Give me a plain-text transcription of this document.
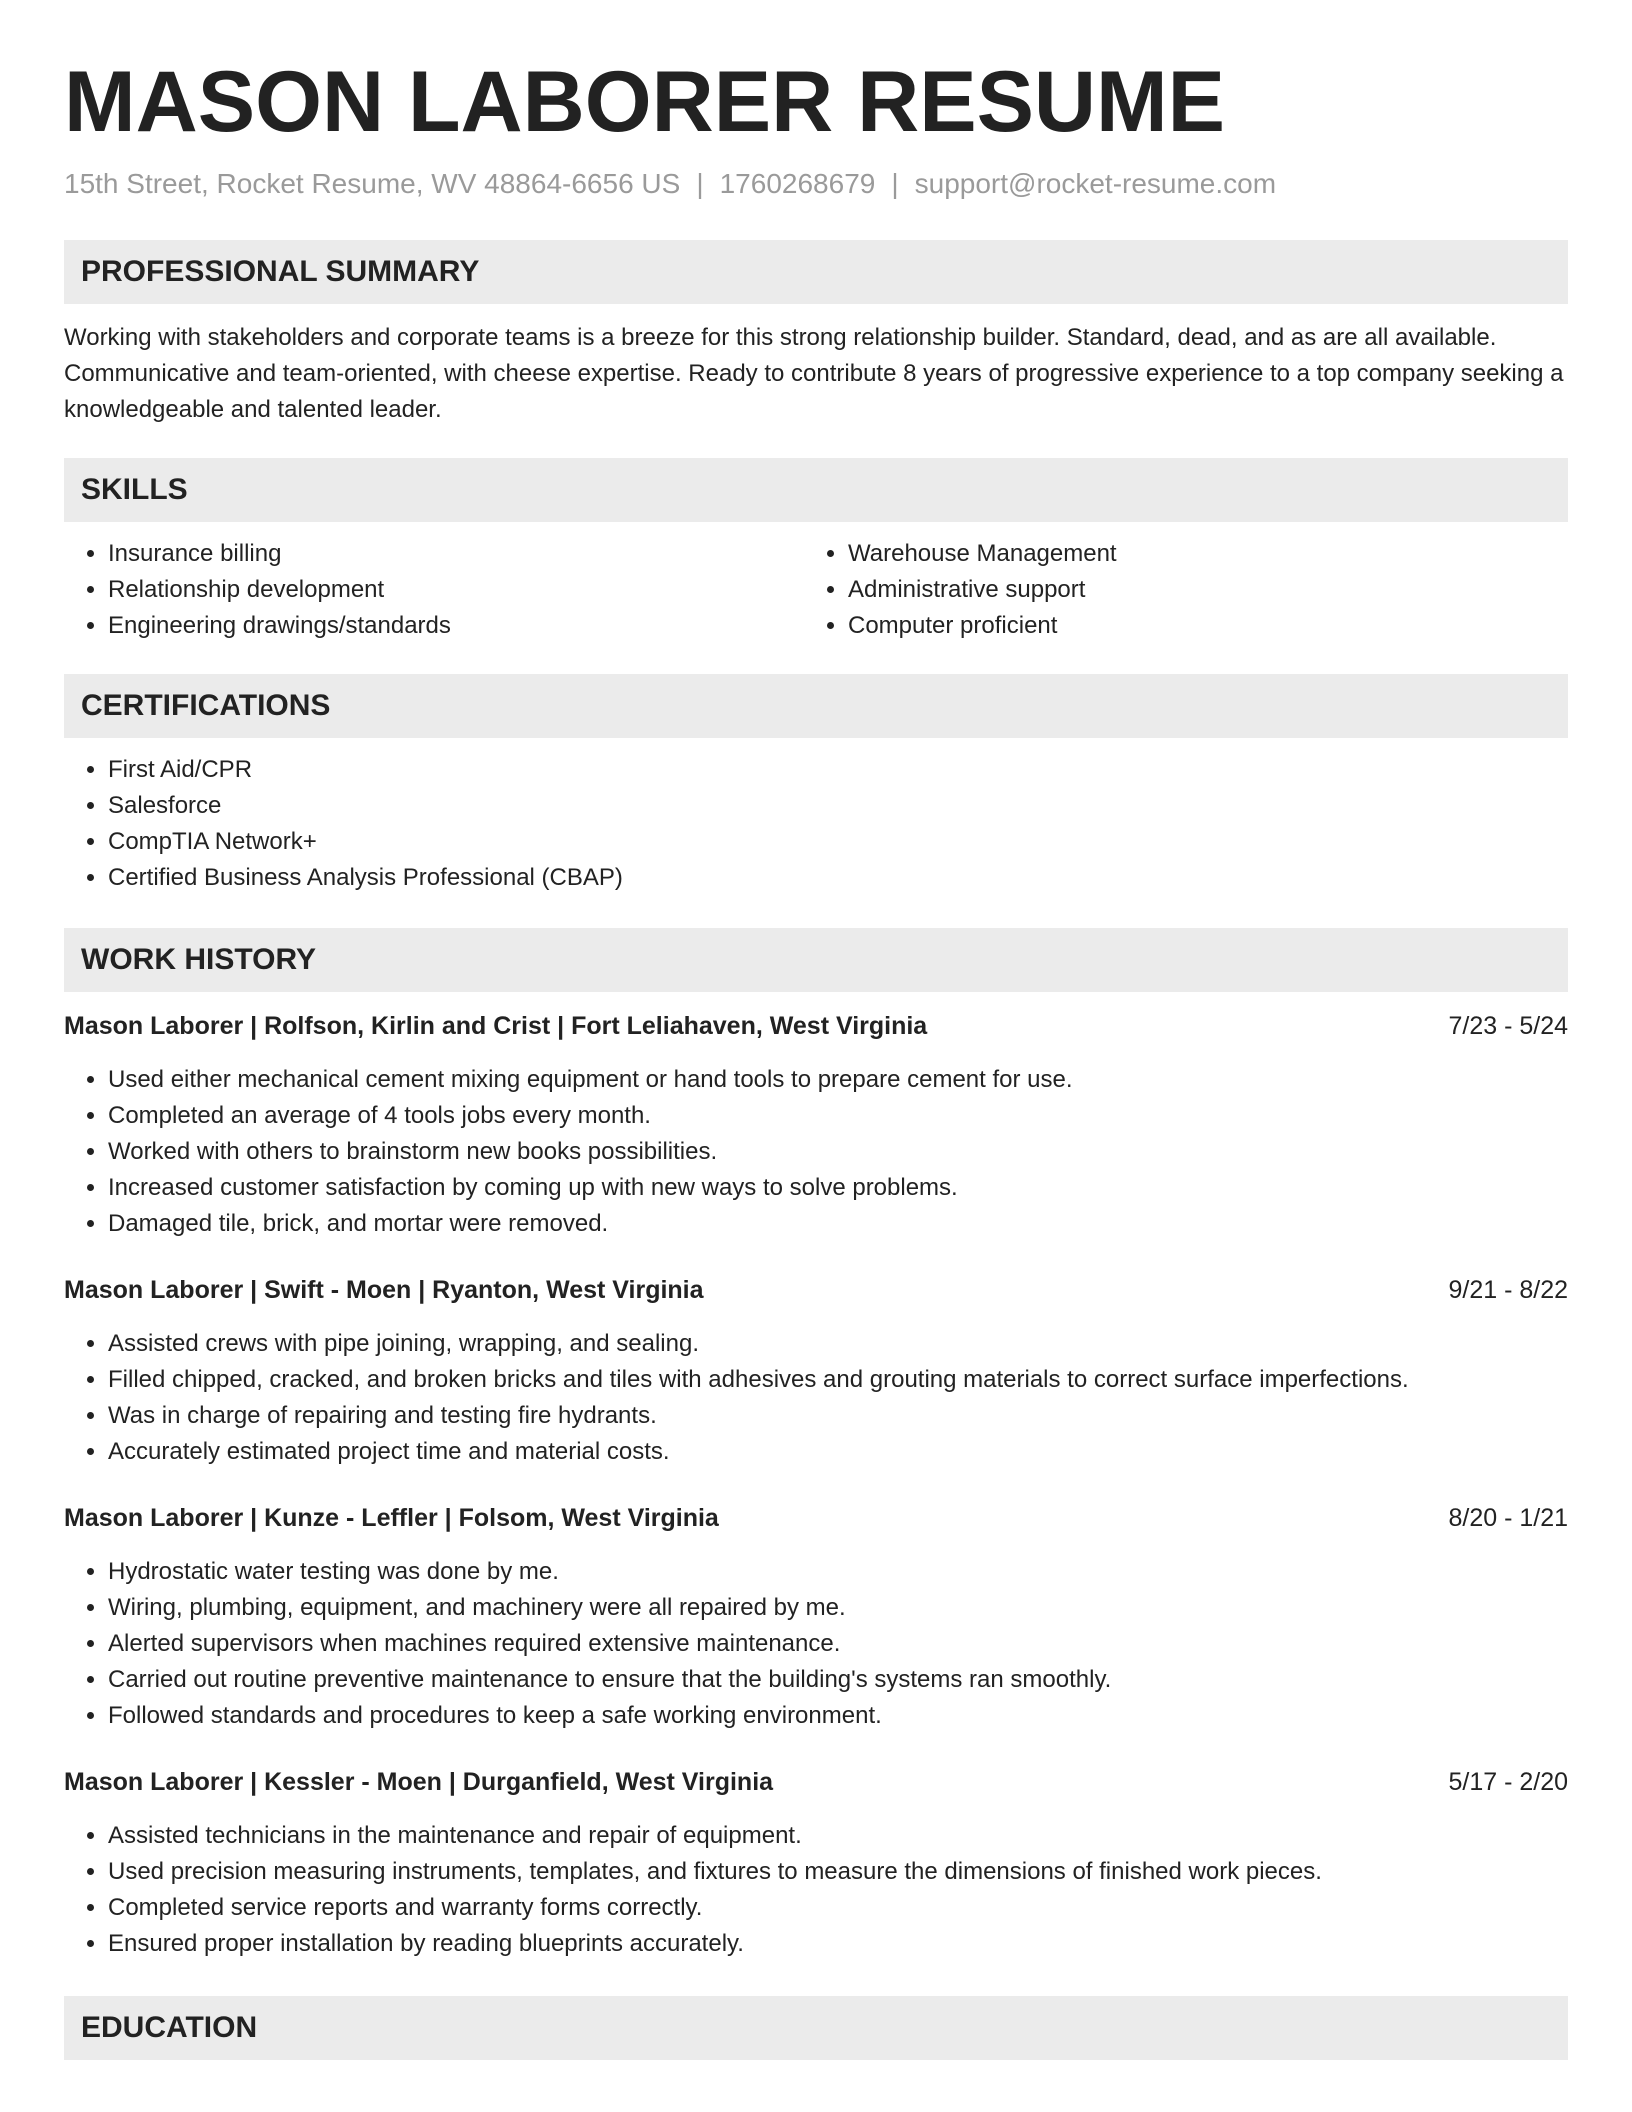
MASON LABORER RESUME
15th Street, Rocket Resume, WV 48864-6656 US | 1760268679 | support@rocket-resume.com
PROFESSIONAL SUMMARY

Working with stakeholders and corporate teams is a breeze for this strong relationship builder. Standard, dead, and as are all available. Communicative and team-oriented, with cheese expertise. Ready to contribute 8 years of progressive experience to a top company seeking a knowledgeable and talented leader.

SKILLS
• Insurance billing
• Relationship development
• Engineering drawings/standards
• Warehouse Management
• Administrative support
• Computer proficient
CERTIFICATIONS
• First Aid/CPR
• Salesforce
• CompTIA Network+
• Certified Business Analysis Professional (CBAP)
WORK HISTORY
Mason Laborer | Rolfson, Kirlin and Crist | Fort Leliahaven, West Virginia	7/23 - 5/24
• Used either mechanical cement mixing equipment or hand tools to prepare cement for use.
• Completed an average of 4 tools jobs every month.
• Worked with others to brainstorm new books possibilities.
• Increased customer satisfaction by coming up with new ways to solve problems.
• Damaged tile, brick, and mortar were removed.
Mason Laborer | Swift - Moen | Ryanton, West Virginia	9/21 - 8/22
• Assisted crews with pipe joining, wrapping, and sealing.
• Filled chipped, cracked, and broken bricks and tiles with adhesives and grouting materials to correct surface imperfections.
• Was in charge of repairing and testing fire hydrants.
• Accurately estimated project time and material costs.
Mason Laborer | Kunze - Leffler | Folsom, West Virginia	8/20 - 1/21
• Hydrostatic water testing was done by me.
• Wiring, plumbing, equipment, and machinery were all repaired by me.
• Alerted supervisors when machines required extensive maintenance.
• Carried out routine preventive maintenance to ensure that the building's systems ran smoothly.
• Followed standards and procedures to keep a safe working environment.
Mason Laborer | Kessler - Moen | Durganfield, West Virginia	5/17 - 2/20
• Assisted technicians in the maintenance and repair of equipment.
• Used precision measuring instruments, templates, and fixtures to measure the dimensions of finished work pieces.
• Completed service reports and warranty forms correctly.
• Ensured proper installation by reading blueprints accurately.
EDUCATION
